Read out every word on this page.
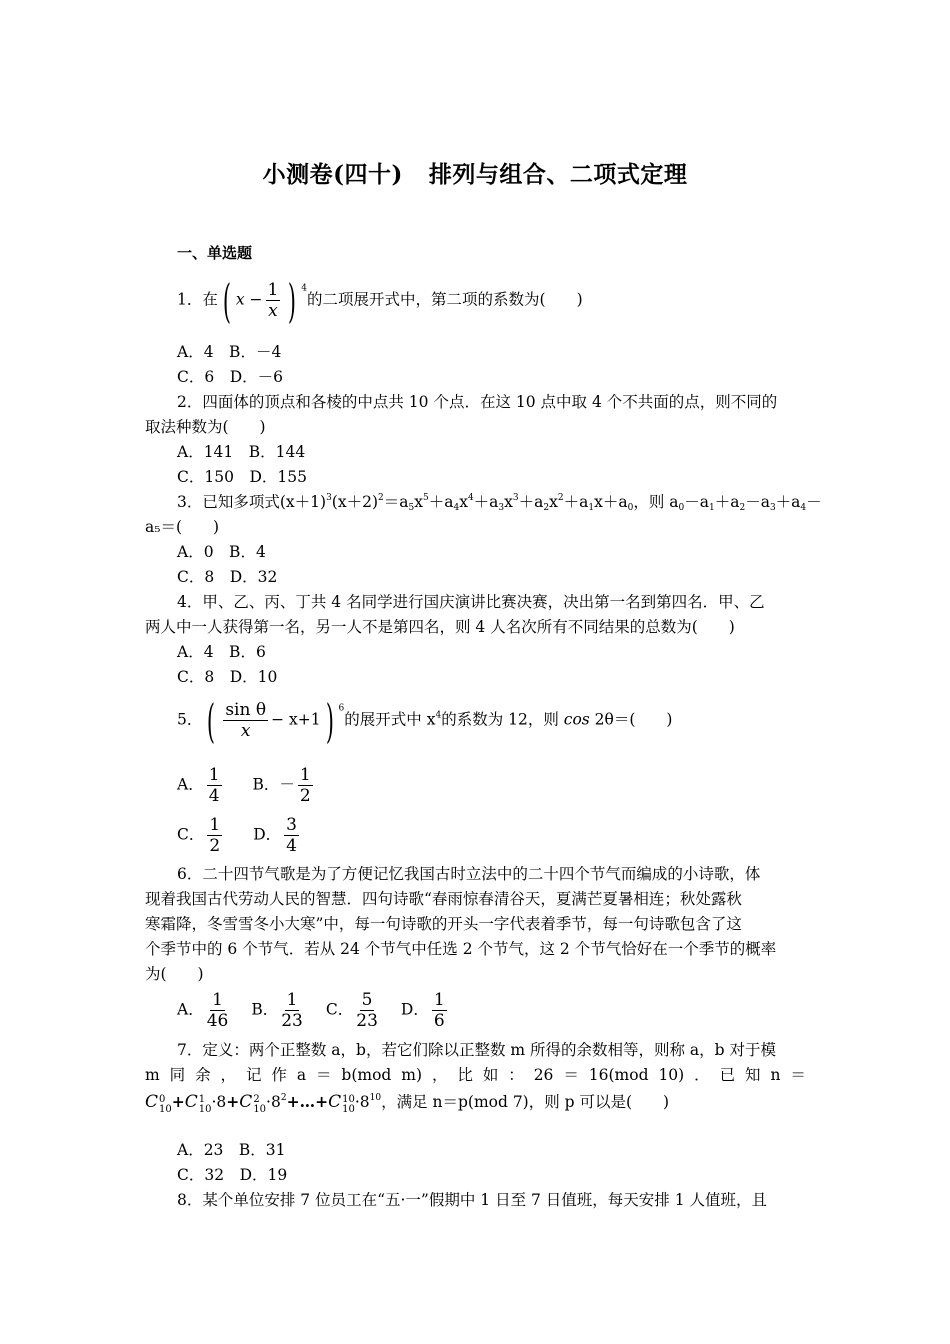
小测卷(四十) 排列与组合、二项式定理
一、单选题
1．在 ( $x - \frac{1}{x}$ ) $^4$的二项展开式中，第二项的系数为(　　)
A．4　B．－4
C．6　D．－6
2．四面体的顶点和各棱的中点共 10 个点．在这 10 点中取 4 个不共面的点，则不同的
取法种数为(　　)
A．141　B．144
C．150　D．155
3．已知多项式$(x+1)^3(x+2)^2=a_5x^5+a_4x^4+a_3x^3+a_2x^2+a_1x+a_0$，则 $a_0-a_1+a_2-a_3+a_4-$
a₅＝(　　)
A．0　B．4
C．8　D．32
4．甲、乙、丙、丁共 4 名同学进行国庆演讲比赛决赛，决出第一名到第四名．甲、乙
两人中一人获得第一名，另一人不是第四名，则 4 人名次所有不同结果的总数为(　　)
A．4　B．6
C．8　D．10
5． ( $\frac{\text{sin θ}}{x} - x+1$ ) $^6$的展开式中 $x^4$的系数为 12，则 cos 2θ＝(　　)
A． $\frac{1}{4}$ B．－ $\frac{1}{2}$
C． $\frac{1}{2}$ D． $\frac{3}{4}$
6．二十四节气歌是为了方便记忆我国古时立法中的二十四个节气而编成的小诗歌，体
现着我国古代劳动人民的智慧．四句诗歌“春雨惊春清谷天，夏满芒夏暑相连；秋处露秋
寒霜降，冬雪雪冬小大寒”中，每一句诗歌的开头一字代表着季节，每一句诗歌包含了这
个季节中的 6 个节气．若从 24 个节气中任选 2 个节气，这 2 个节气恰好在一个季节的概率
为(　　)
A． $\frac{1}{46}$ B． $\frac{1}{23}$ C． $\frac{5}{23}$ D． $\frac{1}{6}$
7．定义：两个正整数 a，b，若它们除以正整数 m 所得的余数相等，则称 a，b 对于模
m 同 余 ， 记 作 a ＝ b(mod m) ， 比 如 ： 26 ＝ 16(mod 10) ． 已 知 n ＝
C 0
10 +C 1
10 ·8+C 2
$10 \cdot 8^2+\dots+C$ 10
$10 \cdot 8^{10}$，满足 n＝p(mod 7)，则 p 可以是(　　)
A．23　B．31
C．32　D．19
8．某个单位安排 7 位员工在“五·一”假期中 1 日至 7 日值班，每天安排 1 人值班，且
